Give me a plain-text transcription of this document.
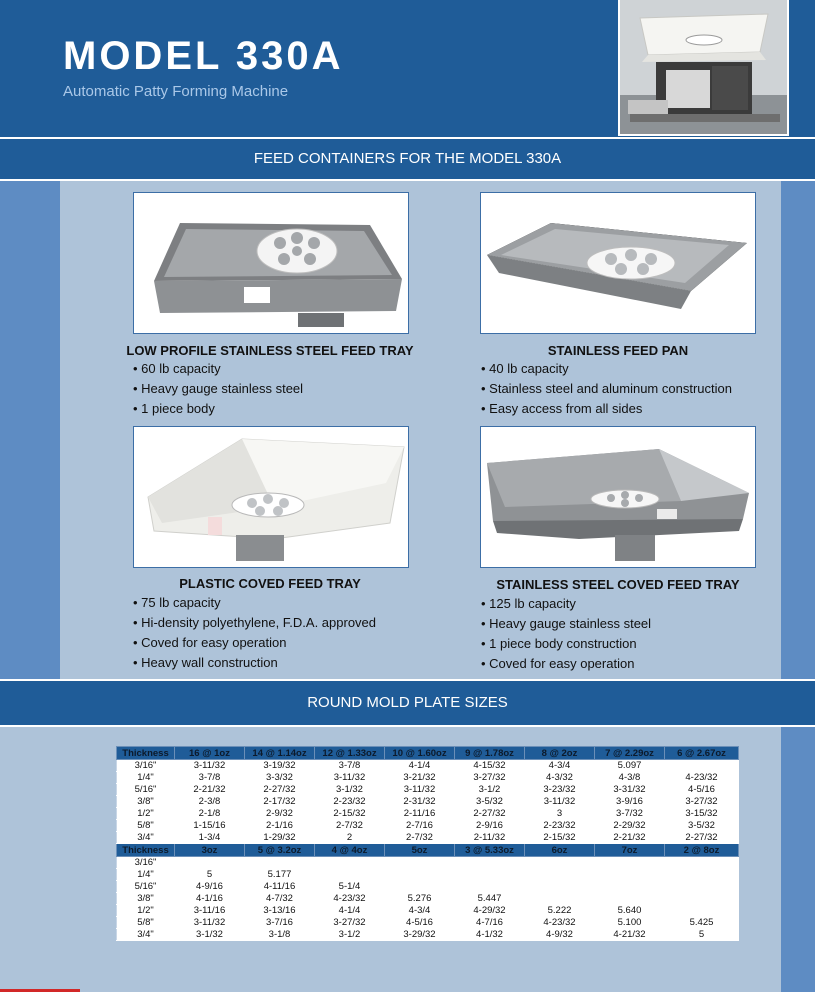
MODEL 330A
Automatic Patty Forming Machine
FEED CONTAINERS FOR THE MODEL 330A
LOW PROFILE STAINLESS STEEL FEED TRAY
• 60 lb capacity
• Heavy gauge stainless steel
• 1 piece body
STAINLESS FEED PAN
• 40 lb capacity
• Stainless steel and aluminum construction
• Easy access from all sides
PLASTIC COVED FEED TRAY
• 75 lb capacity
• Hi-density polyethylene, F.D.A. approved
• Coved for easy operation
• Heavy wall construction
STAINLESS STEEL COVED FEED TRAY
• 125 lb capacity
• Heavy gauge stainless steel
• 1 piece body construction
• Coved for easy operation
ROUND MOLD PLATE SIZES
Thickness	16 @ 1oz	14 @ 1.14oz	12 @ 1.33oz	10 @ 1.60oz	9 @ 1.78oz	8 @ 2oz	7 @ 2.29oz	6 @ 2.67oz
3/16"	3-11/32	3-19/32	3-7/8	4-1/4	4-15/32	4-3/4	5.097	
1/4"	3-7/8	3-3/32	3-11/32	3-21/32	3-27/32	4-3/32	4-3/8	4-23/32
5/16"	2-21/32	2-27/32	3-1/32	3-11/32	3-1/2	3-23/32	3-31/32	4-5/16
3/8"	2-3/8	2-17/32	2-23/32	2-31/32	3-5/32	3-11/32	3-9/16	3-27/32
1/2"	2-1/8	2-9/32	2-15/32	2-11/16	2-27/32	3	3-7/32	3-15/32
5/8"	1-15/16	2-1/16	2-7/32	2-7/16	2-9/16	2-23/32	2-29/32	3-5/32
3/4"	1-3/4	1-29/32	2	2-7/32	2-11/32	2-15/32	2-21/32	2-27/32
Thickness	3oz	5 @ 3.2oz	4 @ 4oz	5oz	3 @ 5.33oz	6oz	7oz	2 @ 8oz
3/16"								
1/4"	5	5.177						
5/16"	4-9/16	4-11/16	5-1/4					
3/8"	4-1/16	4-7/32	4-23/32	5.276	5.447			
1/2"	3-11/16	3-13/16	4-1/4	4-3/4	4-29/32	5.222	5.640	
5/8"	3-11/32	3-7/16	3-27/32	4-5/16	4-7/16	4-23/32	5.100	5.425
3/4"	3-1/32	3-1/8	3-1/2	3-29/32	4-1/32	4-9/32	4-21/32	5
